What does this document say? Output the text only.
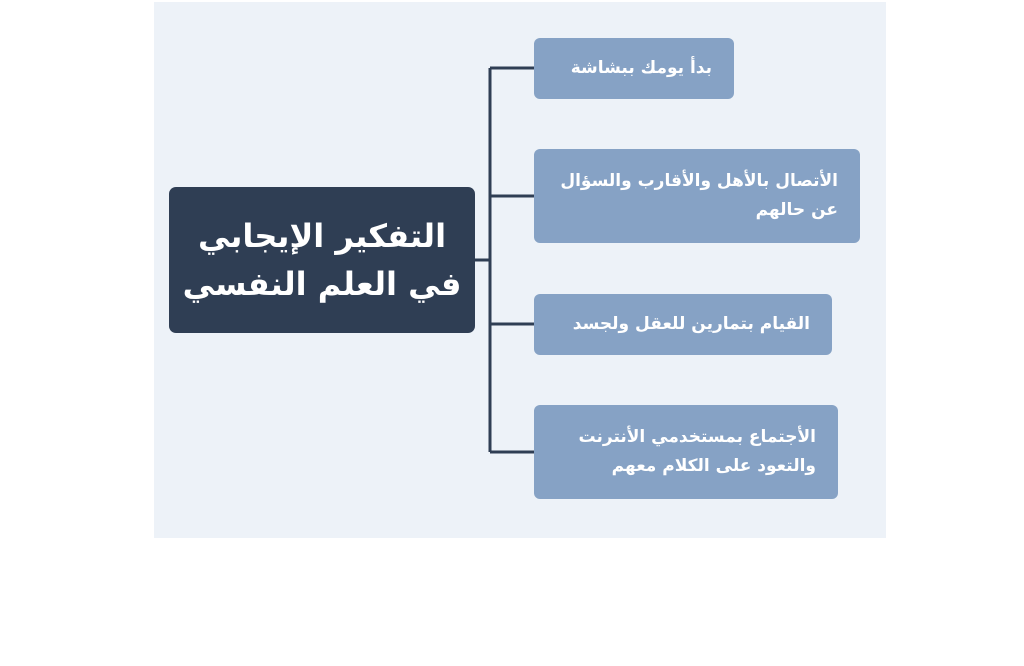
التفكير الإيجابي
في العلم النفسي
بدأ يومك ببشاشة
الأتصال بالأهل والأقارب والسؤال عن حالهم
القيام بتمارين للعقل ولجسد
الأجتماع بمستخدمي الأنترنت والتعود على الكلام معهم
